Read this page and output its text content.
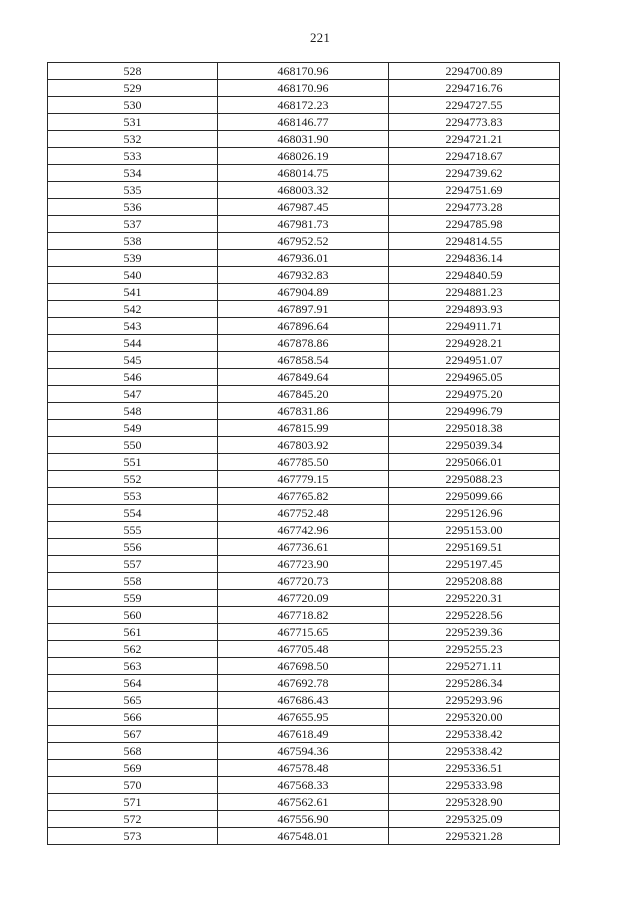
221
528	468170.96	2294700.89
529	468170.96	2294716.76
530	468172.23	2294727.55
531	468146.77	2294773.83
532	468031.90	2294721.21
533	468026.19	2294718.67
534	468014.75	2294739.62
535	468003.32	2294751.69
536	467987.45	2294773.28
537	467981.73	2294785.98
538	467952.52	2294814.55
539	467936.01	2294836.14
540	467932.83	2294840.59
541	467904.89	2294881.23
542	467897.91	2294893.93
543	467896.64	2294911.71
544	467878.86	2294928.21
545	467858.54	2294951.07
546	467849.64	2294965.05
547	467845.20	2294975.20
548	467831.86	2294996.79
549	467815.99	2295018.38
550	467803.92	2295039.34
551	467785.50	2295066.01
552	467779.15	2295088.23
553	467765.82	2295099.66
554	467752.48	2295126.96
555	467742.96	2295153.00
556	467736.61	2295169.51
557	467723.90	2295197.45
558	467720.73	2295208.88
559	467720.09	2295220.31
560	467718.82	2295228.56
561	467715.65	2295239.36
562	467705.48	2295255.23
563	467698.50	2295271.11
564	467692.78	2295286.34
565	467686.43	2295293.96
566	467655.95	2295320.00
567	467618.49	2295338.42
568	467594.36	2295338.42
569	467578.48	2295336.51
570	467568.33	2295333.98
571	467562.61	2295328.90
572	467556.90	2295325.09
573	467548.01	2295321.28
